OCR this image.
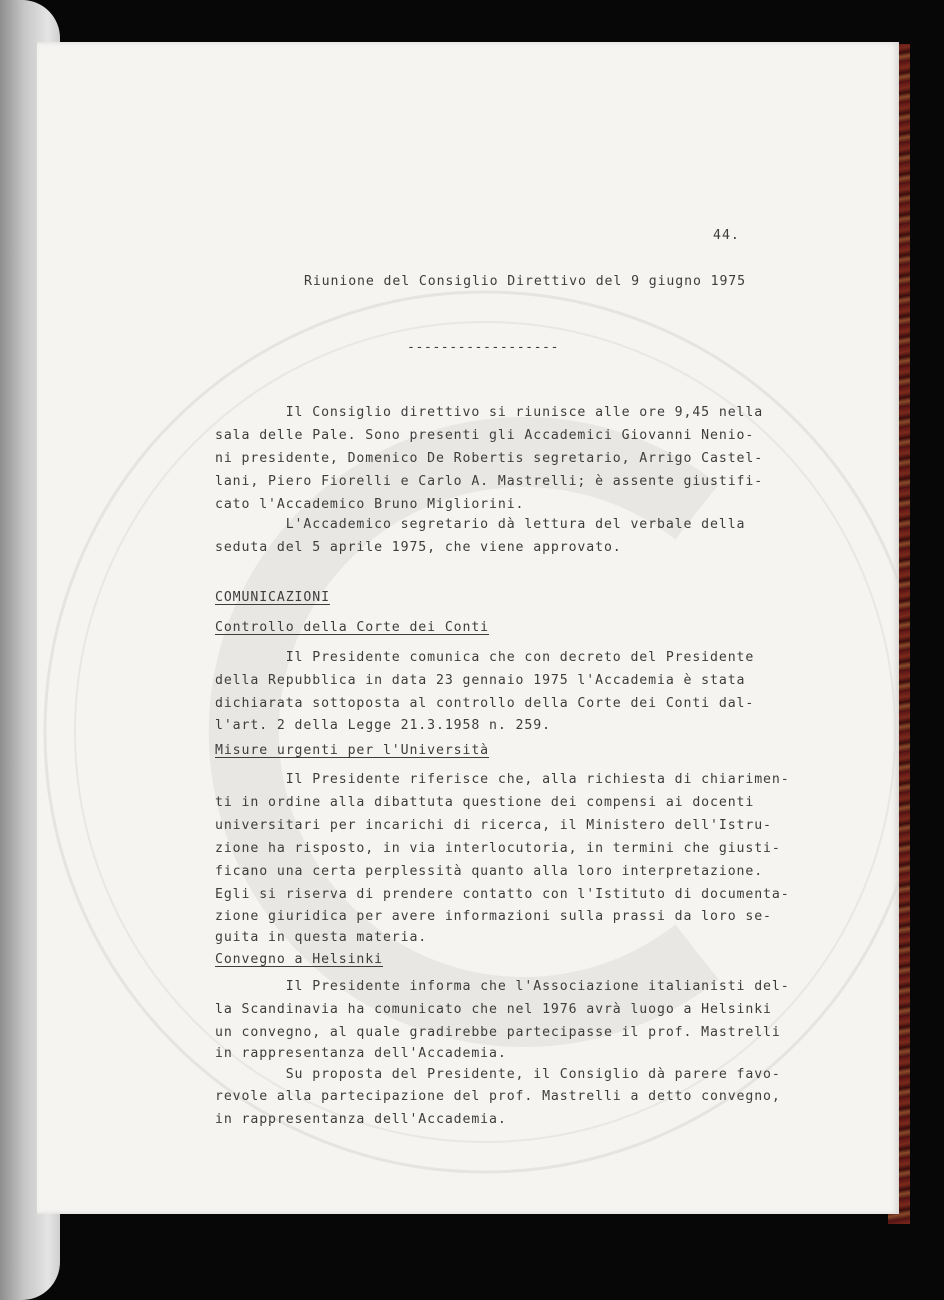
44.
Riunione del Consiglio Direttivo del 9 giugno 1975
------------------
Il Consiglio direttivo si riunisce alle ore 9,45 nella
sala delle Pale. Sono presenti gli Accademici Giovanni Nenio-
ni presidente, Domenico De Robertis segretario, Arrigo Castel-
lani, Piero Fiorelli e Carlo A. Mastrelli; è assente giustifi-
cato l'Accademico Bruno Migliorini.
L'Accademico segretario dà lettura del verbale della
seduta del 5 aprile 1975, che viene approvato.
COMUNICAZIONI
Controllo della Corte dei Conti
Il Presidente comunica che con decreto del Presidente
della Repubblica in data 23 gennaio 1975 l'Accademia è stata
dichiarata sottoposta al controllo della Corte dei Conti dal-
l'art. 2 della Legge 21.3.1958 n. 259.
Misure urgenti per l'Università
Il Presidente riferisce che, alla richiesta di chiarimen-
ti in ordine alla dibattuta questione dei compensi ai docenti
universitari per incarichi di ricerca, il Ministero dell'Istru-
zione ha risposto, in via interlocutoria, in termini che giusti-
ficano una certa perplessità quanto alla loro interpretazione.
Egli si riserva di prendere contatto con l'Istituto di documenta-
zione giuridica per avere informazioni sulla prassi da loro se-
guita in questa materia.
Convegno a Helsinki
Il Presidente informa che l'Associazione italianisti del-
la Scandinavia ha comunicato che nel 1976 avrà luogo a Helsinki
un convegno, al quale gradirebbe partecipasse il prof. Mastrelli
in rappresentanza dell'Accademia.
Su proposta del Presidente, il Consiglio dà parere favo-
revole alla partecipazione del prof. Mastrelli a detto convegno,
in rappresentanza dell'Accademia.
